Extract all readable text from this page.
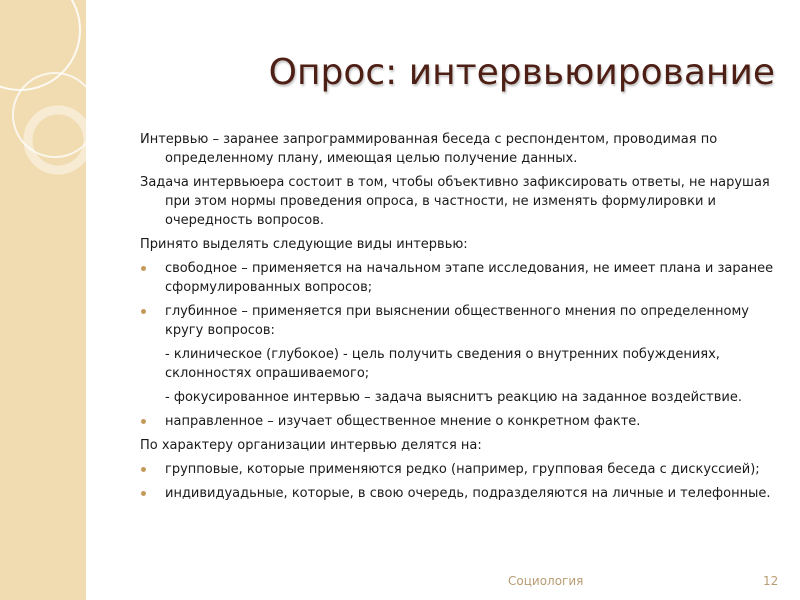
Опрос: интервьюирование

Интервью – заранее запрограммированная беседа с респондентом, проводимая по определенному плану, имеющая целью получение данных.

Задача интервьюера состоит в том, чтобы объективно зафиксировать ответы, не нарушая при этом нормы проведения опроса, в частности, не изменять формулировки и очередность вопросов.

Принято выделять следующие виды интервью:

свободное – применяется на начальном этапе исследования, не имеет плана и заранее сформулированных вопросов;
глубинное – применяется при выяснении общественного мнения по определенному кругу вопросов:

- клиническое (глубокое) - цель получить сведения о внутренних побуждениях, склонностях опрашиваемого;

- фокусированное интервью – задача выяснитъ реакцию на заданное воздействие.

направленное – изучает общественное мнение о конкретном факте.

По характеру организации интервью делятся на:

групповые, которые применяются редко (например, групповая беседа с дискуссией);
индивидуадьные, которые, в свою очередь, подразделяются на личные и телефонные.
Социология	12
